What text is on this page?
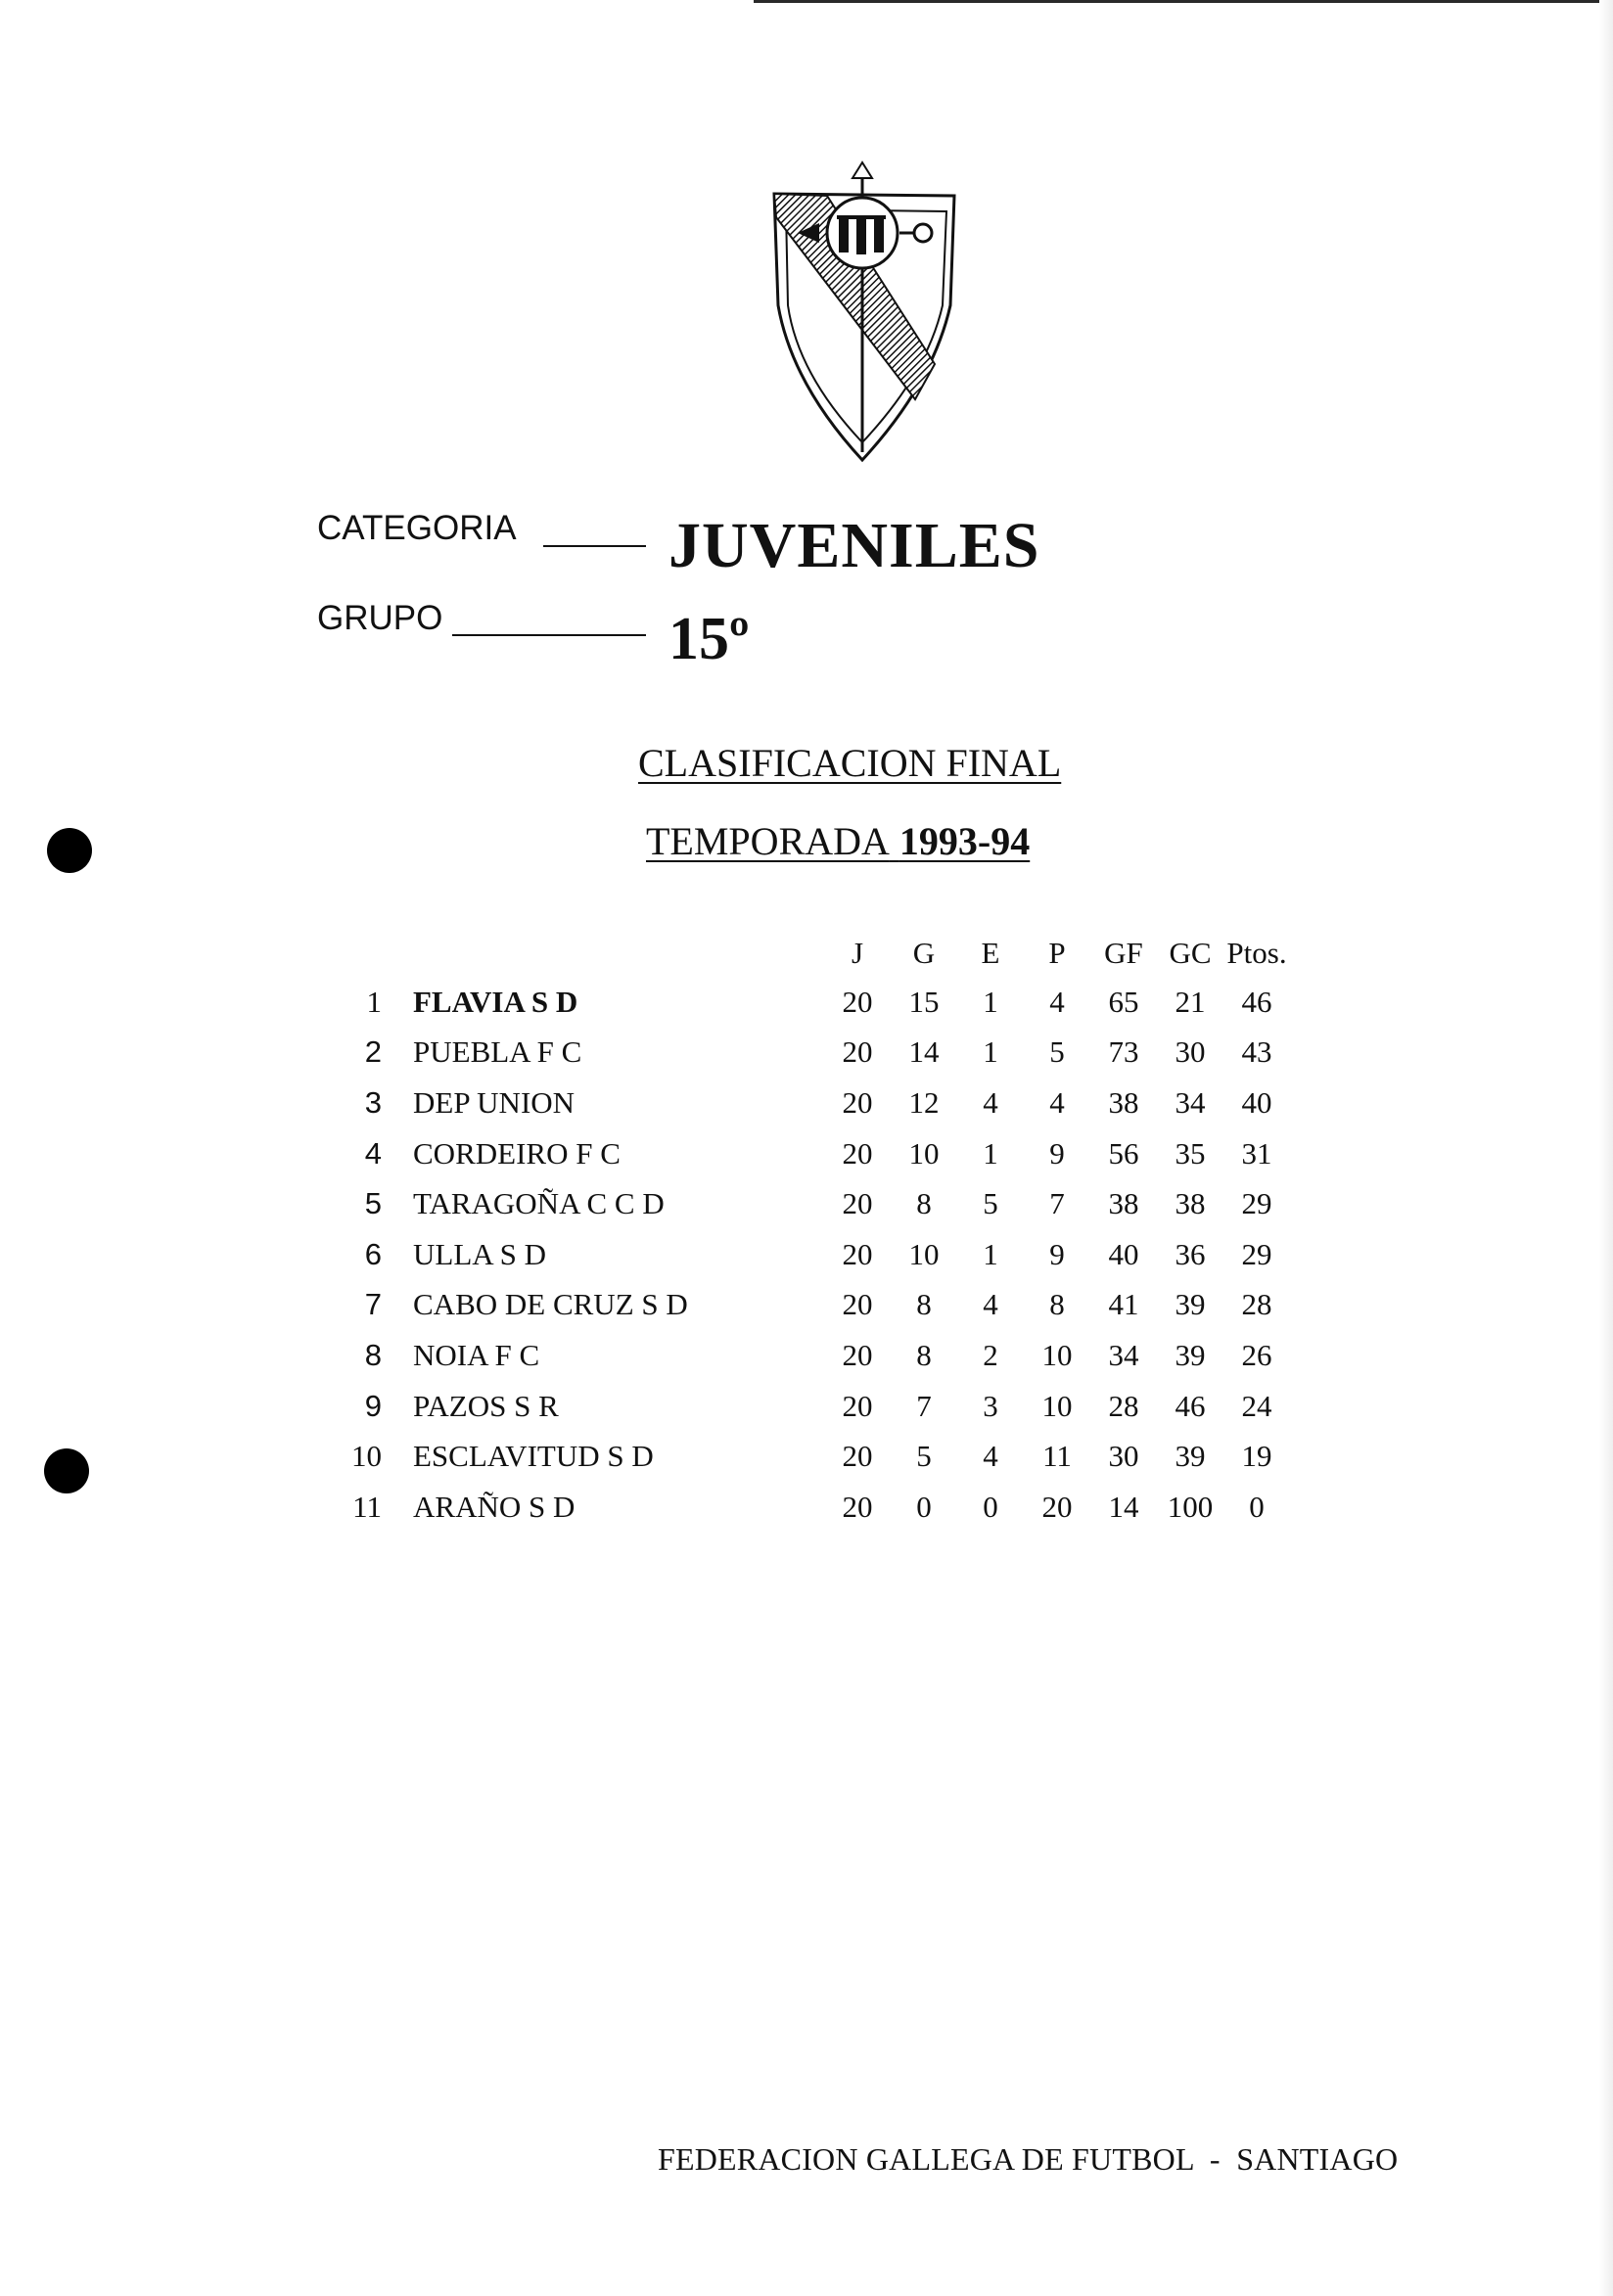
CATEGORIA JUVENILES
GRUPO	15º
CLASIFICACION FINAL
TEMPORADA 1993-94
		J	G	E	P	GF	GC	Ptos.
1	FLAVIA S D	20	15	1	4	65	21	46
2	PUEBLA F C	20	14	1	5	73	30	43
3	DEP UNION	20	12	4	4	38	34	40
4	CORDEIRO F C	20	10	1	9	56	35	31
5	TARAGOÑA C C D	20	8	5	7	38	38	29
6	ULLA S D	20	10	1	9	40	36	29
7	CABO DE CRUZ S D	20	8	4	8	41	39	28
8	NOIA F C	20	8	2	10	34	39	26
9	PAZOS S R	20	7	3	10	28	46	24
10	ESCLAVITUD S D	20	5	4	11	30	39	19
11	ARAÑO S D	20	0	0	20	14	100	0
FEDERACION GALLEGA DE FUTBOL - SANTIAGO
